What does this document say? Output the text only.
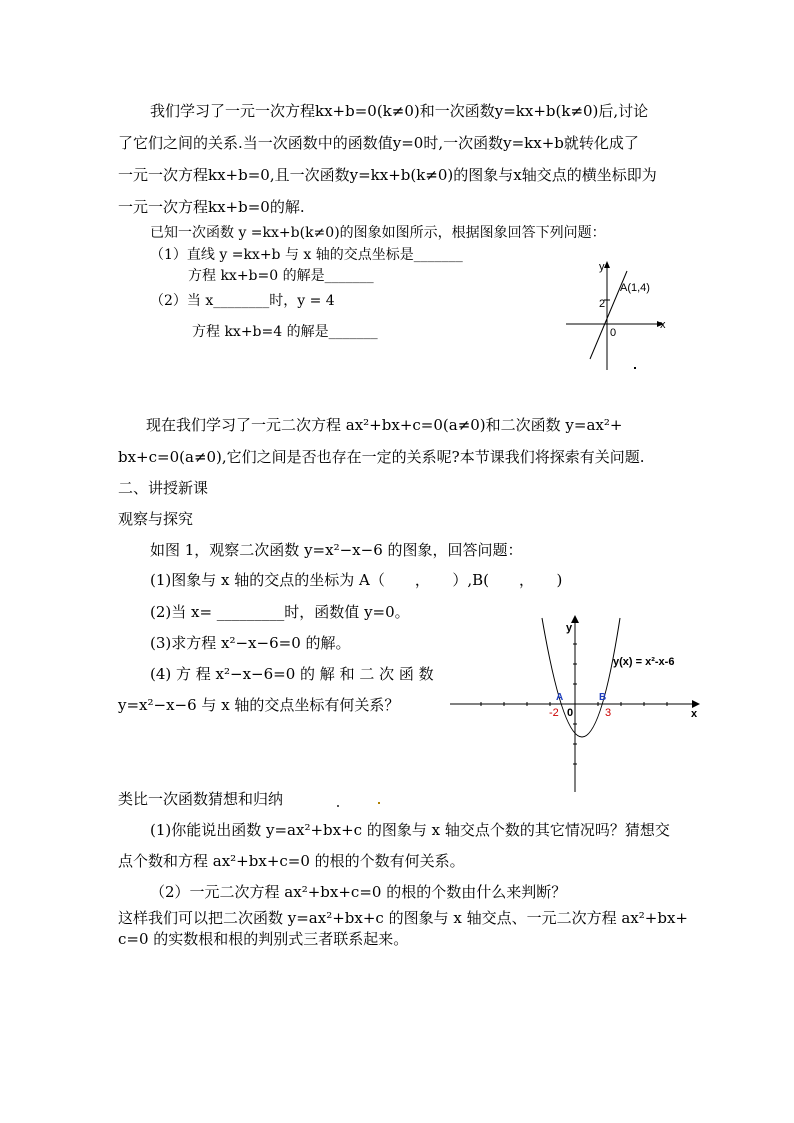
我们学习了一元一次方程kx+b=0(k≠0)和一次函数y=kx+b(k≠0)后,讨论
了它们之间的关系.当一次函数中的函数值y=0时,一次函数y=kx+b就转化成了
一元一次方程kx+b=0,且一次函数y=kx+b(k≠0)的图象与x轴交点的横坐标即为
一元一次方程kx+b=0的解.
已知一次函数 y =kx+b(k≠0)的图象如图所示，根据图象回答下列问题：
（1）直线 y =kx+b 与 x 轴的交点坐标是_______
方程 kx+b=0 的解是_______
（2）当 x________时，y = 4
方程 kx+b=4 的解是_______
y
x
A(1,4)
2
0
现在我们学习了一元二次方程 ax²+bx+c=0(a≠0)和二次函数 y=ax²+
bx+c=0(a≠0),它们之间是否也存在一定的关系呢?本节课我们将探索有关问题.
二、讲授新课
观察与探究
如图 1，观察二次函数 y=x²−x−6 的图象，回答问题：
(1)图象与 x 轴的交点的坐标为 A（　　，　　）,B(　　，　　)
(2)当 x= _________时，函数值 y=0。
(3)求方程 x²−x−6=0 的解。
(4) 方 程 x²−x−6=0 的 解 和 二 次 函 数
y=x²−x−6 与 x 轴的交点坐标有何关系？
y(x) = x²-x-6
y
x
A	B
-2 0	3
类比一次函数猜想和归纳
(1)你能说出函数 y=ax²+bx+c 的图象与 x 轴交点个数的其它情况吗？猜想交
点个数和方程 ax²+bx+c=0 的根的个数有何关系。
（2）一元二次方程 ax²+bx+c=0 的根的个数由什么来判断？
这样我们可以把二次函数 y=ax²+bx+c 的图象与 x 轴交点、一元二次方程 ax²+bx+
c=0 的实数根和根的判别式三者联系起来。
